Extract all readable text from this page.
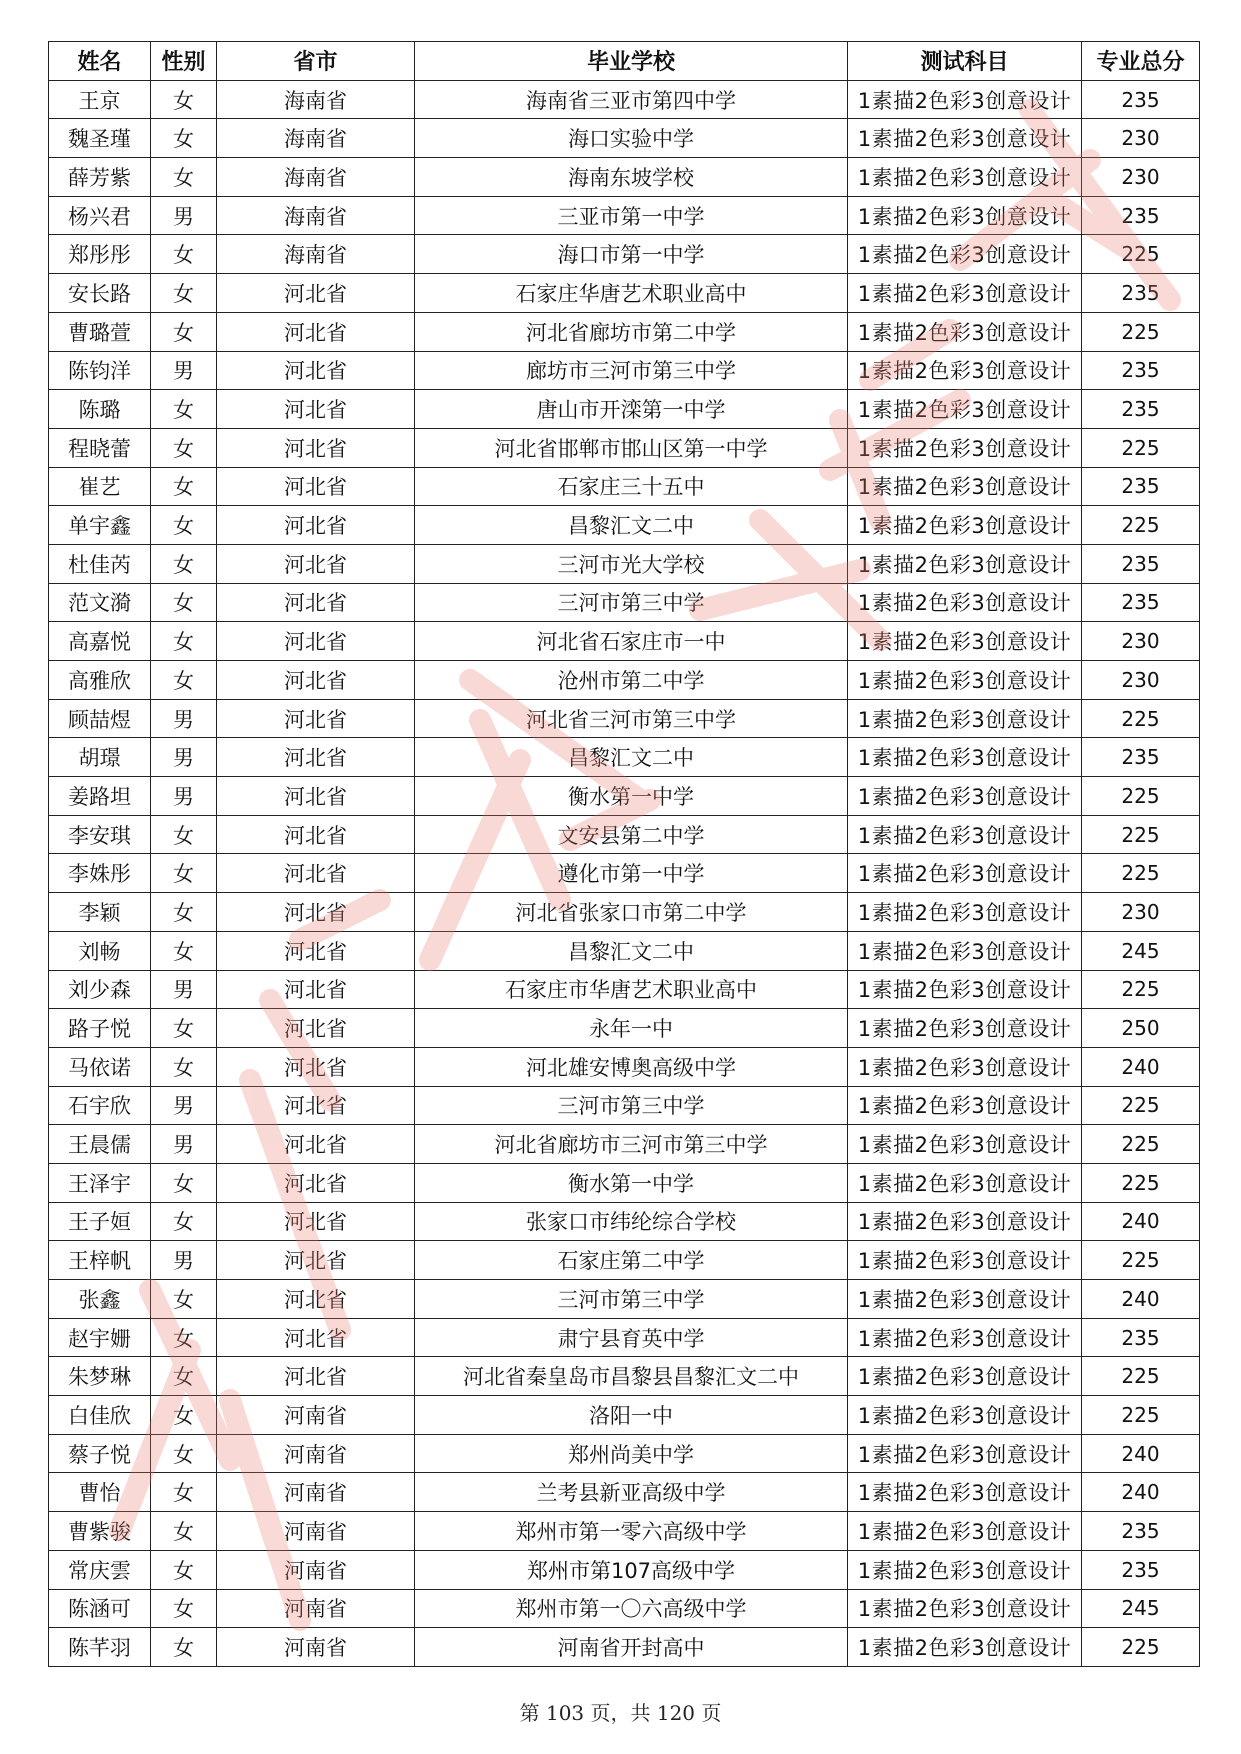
姓名	性别	省市	毕业学校	测试科目	专业总分
王京	女	海南省	海南省三亚市第四中学	1素描2色彩3创意设计	235
魏圣瑾	女	海南省	海口实验中学	1素描2色彩3创意设计	230
薛芳紫	女	海南省	海南东坡学校	1素描2色彩3创意设计	230
杨兴君	男	海南省	三亚市第一中学	1素描2色彩3创意设计	235
郑彤彤	女	海南省	海口市第一中学	1素描2色彩3创意设计	225
安长路	女	河北省	石家庄华唐艺术职业高中	1素描2色彩3创意设计	235
曹璐萱	女	河北省	河北省廊坊市第二中学	1素描2色彩3创意设计	225
陈钧洋	男	河北省	廊坊市三河市第三中学	1素描2色彩3创意设计	235
陈璐	女	河北省	唐山市开滦第一中学	1素描2色彩3创意设计	235
程晓蕾	女	河北省	河北省邯郸市邯山区第一中学	1素描2色彩3创意设计	225
崔艺	女	河北省	石家庄三十五中	1素描2色彩3创意设计	235
单宇鑫	女	河北省	昌黎汇文二中	1素描2色彩3创意设计	225
杜佳芮	女	河北省	三河市光大学校	1素描2色彩3创意设计	235
范文漪	女	河北省	三河市第三中学	1素描2色彩3创意设计	235
高嘉悦	女	河北省	河北省石家庄市一中	1素描2色彩3创意设计	230
高雅欣	女	河北省	沧州市第二中学	1素描2色彩3创意设计	230
顾喆煜	男	河北省	河北省三河市第三中学	1素描2色彩3创意设计	225
胡璟	男	河北省	昌黎汇文二中	1素描2色彩3创意设计	235
姜路坦	男	河北省	衡水第一中学	1素描2色彩3创意设计	225
李安琪	女	河北省	文安县第二中学	1素描2色彩3创意设计	225
李姝彤	女	河北省	遵化市第一中学	1素描2色彩3创意设计	225
李颖	女	河北省	河北省张家口市第二中学	1素描2色彩3创意设计	230
刘畅	女	河北省	昌黎汇文二中	1素描2色彩3创意设计	245
刘少森	男	河北省	石家庄市华唐艺术职业高中	1素描2色彩3创意设计	225
路子悦	女	河北省	永年一中	1素描2色彩3创意设计	250
马依诺	女	河北省	河北雄安博奥高级中学	1素描2色彩3创意设计	240
石宇欣	男	河北省	三河市第三中学	1素描2色彩3创意设计	225
王晨儒	男	河北省	河北省廊坊市三河市第三中学	1素描2色彩3创意设计	225
王泽宇	女	河北省	衡水第一中学	1素描2色彩3创意设计	225
王子姮	女	河北省	张家口市纬纶综合学校	1素描2色彩3创意设计	240
王梓帆	男	河北省	石家庄第二中学	1素描2色彩3创意设计	225
张鑫	女	河北省	三河市第三中学	1素描2色彩3创意设计	240
赵宇姗	女	河北省	肃宁县育英中学	1素描2色彩3创意设计	235
朱梦琳	女	河北省	河北省秦皇岛市昌黎县昌黎汇文二中	1素描2色彩3创意设计	225
白佳欣	女	河南省	洛阳一中	1素描2色彩3创意设计	225
蔡子悦	女	河南省	郑州尚美中学	1素描2色彩3创意设计	240
曹怡	女	河南省	兰考县新亚高级中学	1素描2色彩3创意设计	240
曹紫骏	女	河南省	郑州市第一零六高级中学	1素描2色彩3创意设计	235
常庆雲	女	河南省	郑州市第107高级中学	1素描2色彩3创意设计	235
陈涵可	女	河南省	郑州市第一〇六高级中学	1素描2色彩3创意设计	245
陈芊羽	女	河南省	河南省开封高中	1素描2色彩3创意设计	225
第 103 页，共 120 页
